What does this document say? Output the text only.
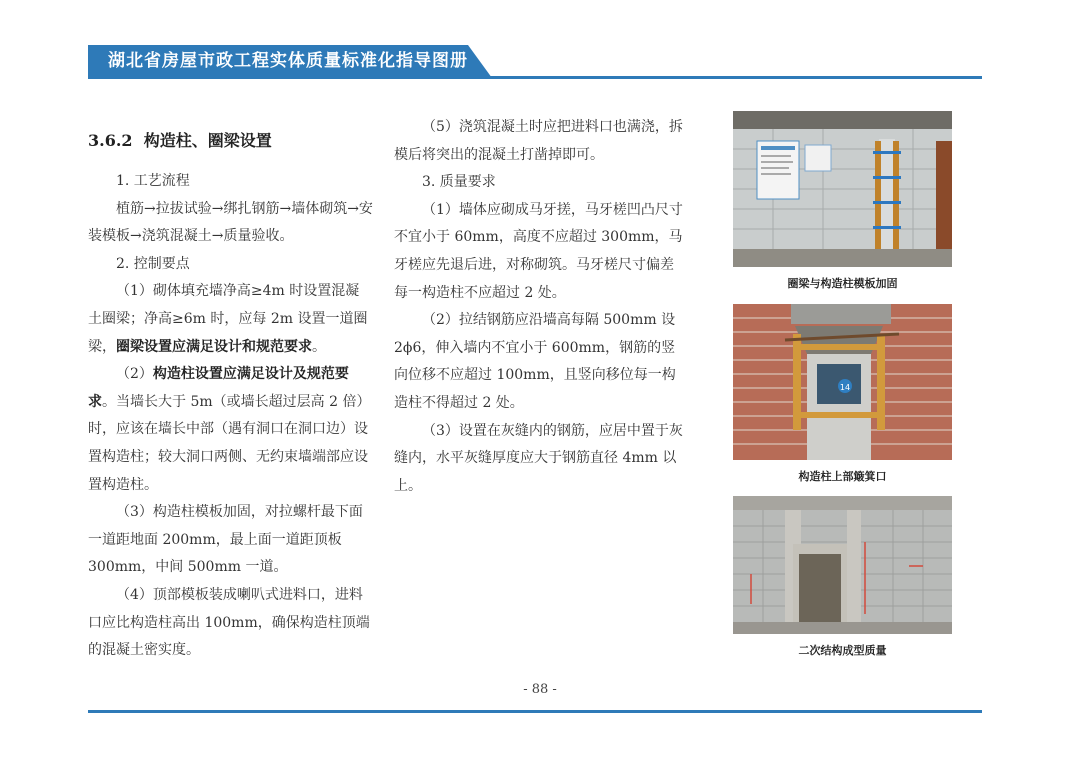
湖北省房屋市政工程实体质量标准化指导图册
3.6.2 构造柱、圈梁设置

1. 工艺流程

植筋→拉拔试验→绑扎钢筋→墙体砌筑→安装模板→浇筑混凝土→质量验收。

2. 控制要点

（1）砌体填充墙净高≥4m 时设置混凝土圈梁；净高≥6m 时，应每 2m 设置一道圈梁，圈梁设置应满足设计和规范要求。

（2）构造柱设置应满足设计及规范要求。当墙长大于 5m（或墙长超过层高 2 倍）时，应该在墙长中部（遇有洞口在洞口边）设置构造柱；较大洞口两侧、无约束墙端部应设置构造柱。

（3）构造柱模板加固，对拉螺杆最下面一道距地面 200mm，最上面一道距顶板 300mm，中间 500mm 一道。

（4）顶部模板装成喇叭式进料口，进料口应比构造柱高出 100mm，确保构造柱顶端的混凝土密实度。

（5）浇筑混凝土时应把进料口也满浇，拆模后将突出的混凝土打凿掉即可。

3. 质量要求

（1）墙体应砌成马牙搓，马牙槎凹凸尺寸不宜小于 60mm，高度不应超过 300mm，马牙槎应先退后进，对称砌筑。马牙槎尺寸偏差每一构造柱不应超过 2 处。

（2）拉结钢筋应沿墙高每隔 500mm 设 2ϕ6，伸入墙内不宜小于 600mm，钢筋的竖向位移不应超过 100mm，且竖向移位每一构造柱不得超过 2 处。

（3）设置在灰缝内的钢筋，应居中置于灰缝内，水平灰缝厚度应大于钢筋直径 4mm 以上。

圈梁与构造柱模板加固
14
构造柱上部簸箕口
二次结构成型质量
- 88 -
